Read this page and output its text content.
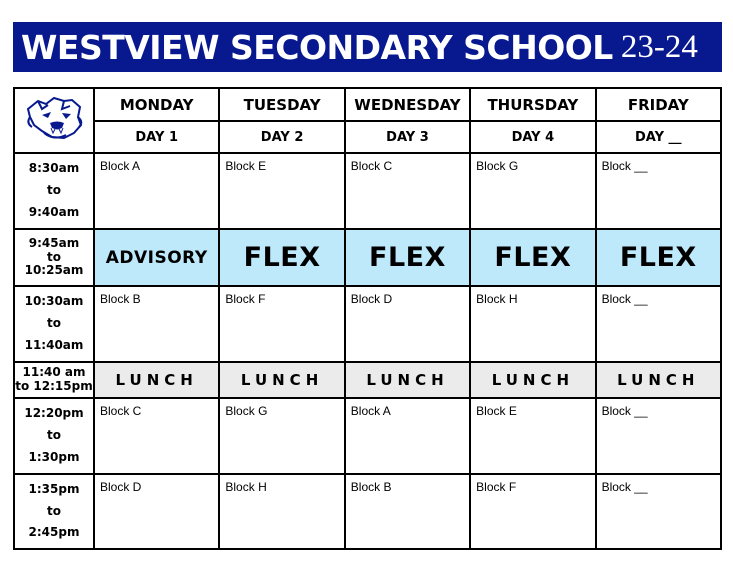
WESTVIEW SECONDARY SCHOOL 23-24
	MONDAY	TUESDAY	WEDNESDAY	THURSDAY	FRIDAY
	DAY 1	DAY 2	DAY 3	DAY 4	DAY __

8:30am
to
9:40am	Block A	Block E	Block C	Block G	Block __

9:45am
to
10:25am	ADVISORY	FLEX	FLEX	FLEX	FLEX

10:30am
to
11:40am	Block B	Block F	Block D	Block H	Block __

11:40 am
to 12:15pm	LUNCH	LUNCH	LUNCH	LUNCH	LUNCH

12:20pm
to
1:30pm	Block C	Block G	Block A	Block E	Block __

1:35pm
to
2:45pm	Block D	Block H	Block B	Block F	Block __
